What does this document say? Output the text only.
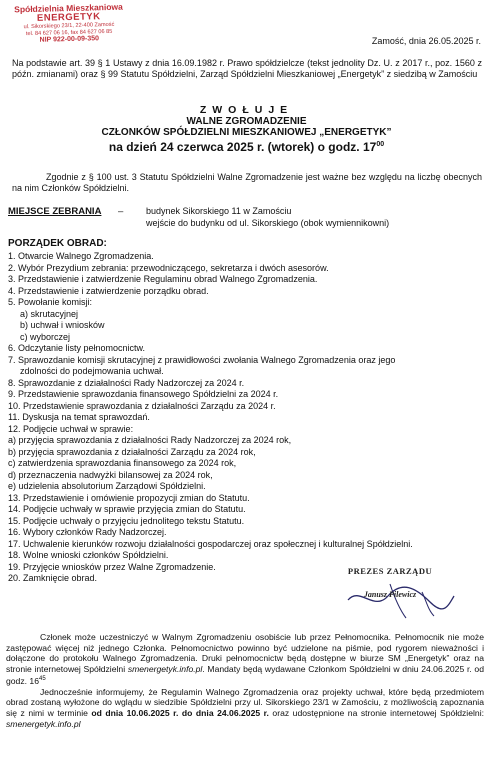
Spółdzielnia Mieszkaniowa
ENERGETYK
ul. Sikorskiego 23/1, 22-400 Zamość
tel. 84 627 06 16, fax 84 627 06 85
NIP 922-00-09-350	Zamość, dnia 26.05.2025 r.
Na podstawie art. 39 § 1 Ustawy z dnia 16.09.1982 r. Prawo spółdzielcze (tekst jednolity Dz. U. z 2017 r., poz. 1560 z późn. zmianami) oraz § 99 Statutu Spółdzielni, Zarząd Spółdzielni Mieszkaniowej „Energetyk” z siedzibą w Zamościu
ZWOŁUJE
WALNE ZGROMADZENIE
CZŁONKÓW SPÓŁDZIELNI MIESZKANIOWEJ „ENERGETYK”
na dzień 24 czerwca 2025 r. (wtorek) o godz. $17^{00}$
Zgodnie z § 100 ust. 3 Statutu Spółdzielni Walne Zgromadzenie jest ważne bez względu na liczbę obecnych na nim Członków Spółdzielni.
MIEJSCE ZEBRANIA –	budynek Sikorskiego 11 w Zamościu
wejście do budynku od ul. Sikorskiego (obok wymiennikowni)
PORZĄDEK OBRAD:
1. Otwarcie Walnego Zgromadzenia.
2. Wybór Prezydium zebrania: przewodniczącego, sekretarza i dwóch asesorów.
3. Przedstawienie i zatwierdzenie Regulaminu obrad Walnego Zgromadzenia.
4. Przedstawienie i zatwierdzenie porządku obrad.
5. Powołanie komisji:
a) skrutacyjnej
b) uchwał i wniosków
c) wyborczej
6. Odczytanie listy pełnomocnictw.
7. Sprawozdanie komisji skrutacyjnej z prawidłowości zwołania Walnego Zgromadzenia oraz jego
zdolności do podejmowania uchwał.
8. Sprawozdanie z działalności Rady Nadzorczej za 2024 r.
9. Przedstawienie sprawozdania finansowego Spółdzielni za 2024 r.
10. Przedstawienie sprawozdania z działalności Zarządu za 2024 r.
11. Dyskusja na temat sprawozdań.
12. Podjęcie uchwał w sprawie:
a) przyjęcia sprawozdania z działalności Rady Nadzorczej za 2024 rok,
b) przyjęcia sprawozdania z działalności Zarządu za 2024 rok,
c) zatwierdzenia sprawozdania finansowego za 2024 rok,
d) przeznaczenia nadwyżki bilansowej za 2024 rok,
e) udzielenia absolutorium Zarządowi Spółdzielni.
13. Przedstawienie i omówienie propozycji zmian do Statutu.
14. Podjęcie uchwały w sprawie przyjęcia zmian do Statutu.
15. Podjęcie uchwały o przyjęciu jednolitego tekstu Statutu.
16. Wybory członków Rady Nadzorczej.
17. Uchwalenie kierunków rozwoju działalności gospodarczej oraz społecznej i kulturalnej Spółdzielni.
18. Wolne wnioski członków Spółdzielni.
19. Przyjęcie wniosków przez Walne Zgromadzenie.
20. Zamknięcie obrad.
PREZES ZARZĄDU
Janusz Pilewicz

Członek może uczestniczyć w Walnym Zgromadzeniu osobiście lub przez Pełnomocnika. Pełnomocnik nie może zastępować więcej niż jednego Członka. Pełnomocnictwo powinno być udzielone na piśmie, pod rygorem nieważności i dołączone do protokołu Walnego Zgromadzenia. Druki pełnomocnictw będą dostępne w biurze SM „Energetyk” oraz na stronie internetowej Spółdzielni smenergetyk.info.pl. Mandaty będą wydawane Członkom Spółdzielni w dniu 24.06.2025 r. od godz. $16^{45}$

Jednocześnie informujemy, że Regulamin Walnego Zgromadzenia oraz projekty uchwał, które będą przedmiotem obrad zostaną wyłożone do wglądu w siedzibie Spółdzielni przy ul. Sikorskiego 23/1 w Zamościu, z możliwością zapoznania się z nimi w terminie od dnia 10.06.2025 r. do dnia 24.06.2025 r. oraz udostępnione na stronie internetowej Spółdzielni: smenergetyk.info.pl
